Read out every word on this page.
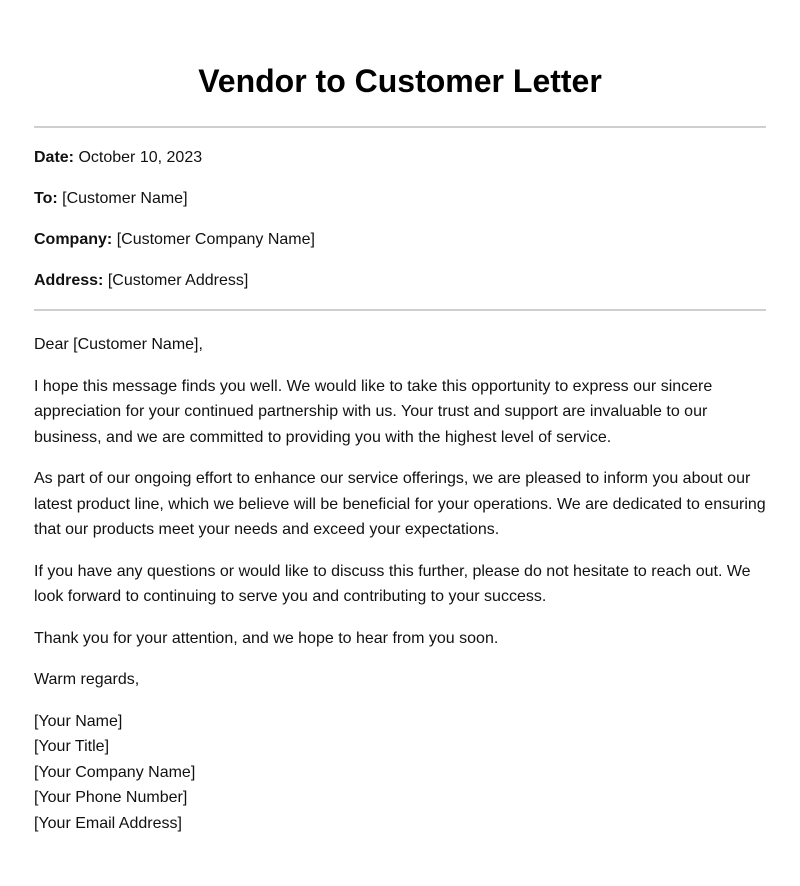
Vendor to Customer Letter

Date: October 10, 2023

To: [Customer Name]

Company: [Customer Company Name]

Address: [Customer Address]

Dear [Customer Name],

I hope this message finds you well. We would like to take this opportunity to express our sincere appreciation for your continued partnership with us. Your trust and support are invaluable to our business, and we are committed to providing you with the highest level of service.

As part of our ongoing effort to enhance our service offerings, we are pleased to inform you about our latest product line, which we believe will be beneficial for your operations. We are dedicated to ensuring that our products meet your needs and exceed your expectations.

If you have any questions or would like to discuss this further, please do not hesitate to reach out. We look forward to continuing to serve you and contributing to your success.

Thank you for your attention, and we hope to hear from you soon.

Warm regards,

[Your Name]
[Your Title]
[Your Company Name]
[Your Phone Number]
[Your Email Address]
